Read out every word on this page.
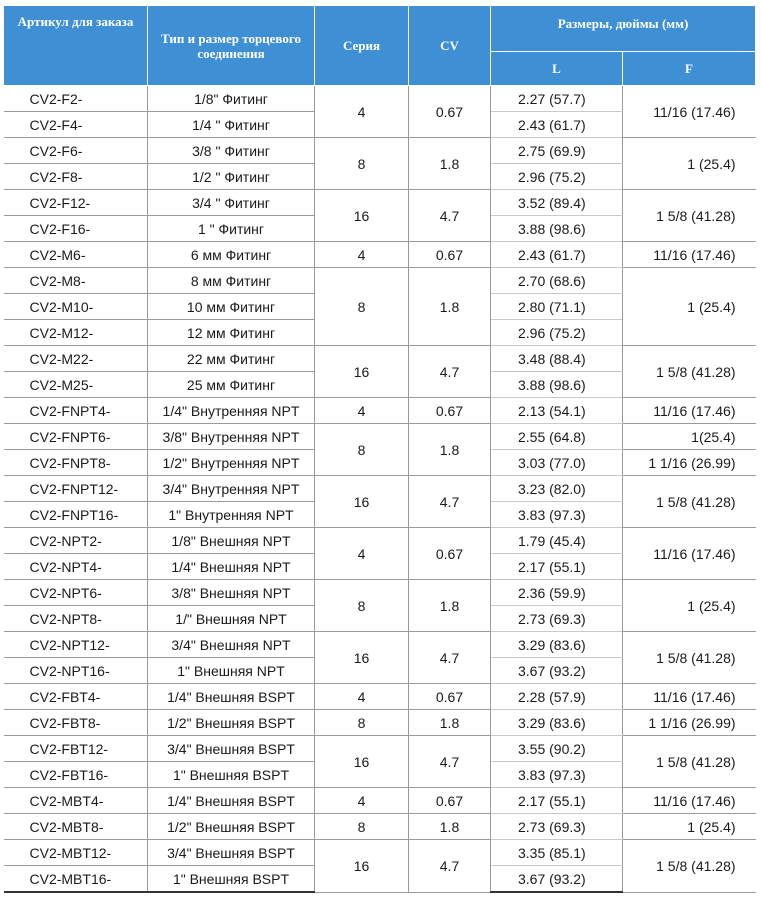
Артикул для заказа	Тип и размер торцевого соединения	Серия	CV	Размеры, дюймы (мм)	
				L	F
CV2-F2-	1/8" Фитинг	4	0.67	2.27 (57.7)	11/16 (17.46)
CV2-F4-	1/4 " Фитинг			2.43 (61.7)	
CV2-F6-	3/8 " Фитинг	8	1.8	2.75 (69.9)	1 (25.4)
CV2-F8-	1/2 " Фитинг			2.96 (75.2)	
CV2-F12-	3/4 " Фитинг	16	4.7	3.52 (89.4)	1 5/8 (41.28)
CV2-F16-	1 " Фитинг			3.88 (98.6)	
CV2-M6-	6 мм Фитинг	4	0.67	2.43 (61.7)	11/16 (17.46)
CV2-M8-	8 мм Фитинг	8	1.8	2.70 (68.6)	1 (25.4)
CV2-M10-	10 мм Фитинг			2.80 (71.1)	
CV2-M12-	12 мм Фитинг			2.96 (75.2)	
CV2-M22-	22 мм Фитинг	16	4.7	3.48 (88.4)	1 5/8 (41.28)
CV2-M25-	25 мм Фитинг			3.88 (98.6)	
CV2-FNPT4-	1/4" Внутренняя NPT	4	0.67	2.13 (54.1)	11/16 (17.46)
CV2-FNPT6-	3/8" Внутренняя NPT	8	1.8	2.55 (64.8)	1(25.4)
CV2-FNPT8-	1/2" Внутренняя NPT			3.03 (77.0)	1 1/16 (26.99)
CV2-FNPT12-	3/4" Внутренняя NPT	16	4.7	3.23 (82.0)	1 5/8 (41.28)
CV2-FNPT16-	1" Внутренняя NPT			3.83 (97.3)	
CV2-NPT2-	1/8" Внешняя NPT	4	0.67	1.79 (45.4)	11/16 (17.46)
CV2-NPT4-	1/4" Внешняя NPT			2.17 (55.1)	
CV2-NPT6-	3/8" Внешняя NPT	8	1.8	2.36 (59.9)	1 (25.4)
CV2-NPT8-	1/" Внешняя NPT			2.73 (69.3)	
CV2-NPT12-	3/4" Внешняя NPT	16	4.7	3.29 (83.6)	1 5/8 (41.28)
CV2-NPT16-	1" Внешняя NPT			3.67 (93.2)	
CV2-FBT4-	1/4" Внешняя BSPT	4	0.67	2.28 (57.9)	11/16 (17.46)
CV2-FBT8-	1/2" Внешняя BSPT	8	1.8	3.29 (83.6)	1 1/16 (26.99)
CV2-FBT12-	3/4" Внешняя BSPT	16	4.7	3.55 (90.2)	1 5/8 (41.28)
CV2-FBT16-	1" Внешняя BSPT			3.83 (97.3)	
CV2-MBT4-	1/4" Внешняя BSPT	4	0.67	2.17 (55.1)	11/16 (17.46)
CV2-MBT8-	1/2" Внешняя BSPT	8	1.8	2.73 (69.3)	1 (25.4)
CV2-MBT12-	3/4" Внешняя BSPT	16	4.7	3.35 (85.1)	1 5/8 (41.28)
CV2-MBT16-	1" Внешняя BSPT			3.67 (93.2)	
